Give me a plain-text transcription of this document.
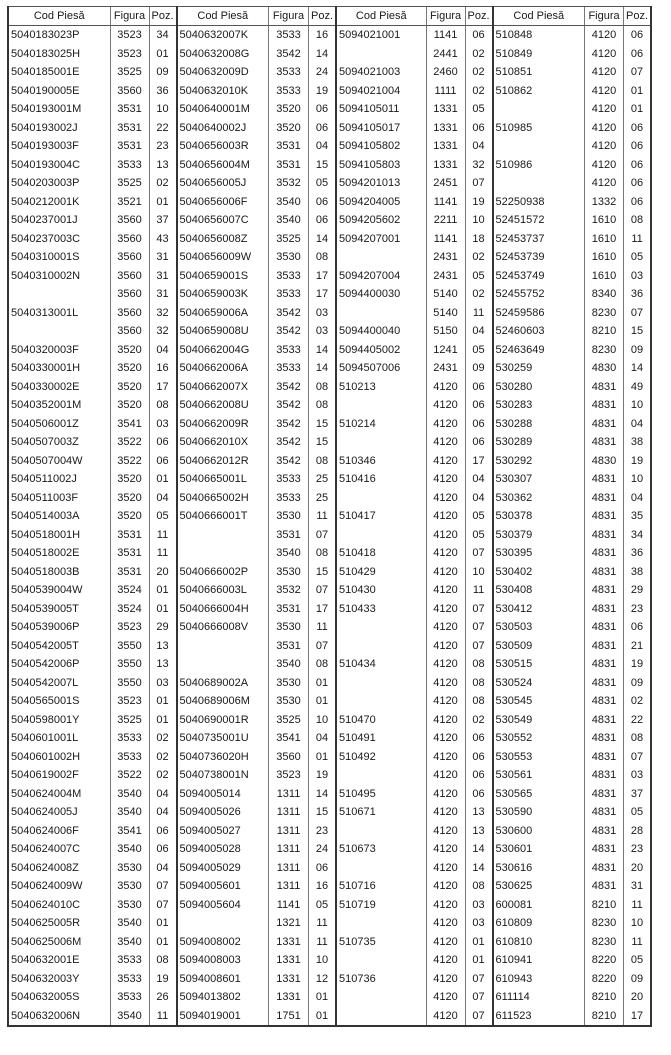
Cod Piesă	Figura	Poz.	Cod Piesă	Figura	Poz.	Cod Piesă	Figura	Poz.	Cod Piesă	Figura	Poz.
5040183023P	3523	34	5040632007K	3533	16	5094021001	1141	06	510848	4120	06
5040183025H	3523	01	5040632008G	3542	14		2441	02	510849	4120	06
5040185001E	3525	09	5040632009D	3533	24	5094021003	2460	02	510851	4120	07
5040190005E	3560	36	5040632010K	3533	19	5094021004	1111	02	510862	4120	01
5040193001M	3531	10	5040640001M	3520	06	5094105011	1331	05		4120	01
5040193002J	3531	22	5040640002J	3520	06	5094105017	1331	06	510985	4120	06
5040193003F	3531	23	5040656003R	3531	04	5094105802	1331	04		4120	06
5040193004C	3533	13	5040656004M	3531	15	5094105803	1331	32	510986	4120	06
5040203003P	3525	02	5040656005J	3532	05	5094201013	2451	07		4120	06
5040212001K	3521	01	5040656006F	3540	06	5094204005	1141	19	52250938	1332	06
5040237001J	3560	37	5040656007C	3540	06	5094205602	2211	10	52451572	1610	08
5040237003C	3560	43	5040656008Z	3525	14	5094207001	1141	18	52453737	1610	11
5040310001S	3560	31	5040656009W	3530	08		2431	02	52453739	1610	05
5040310002N	3560	31	5040659001S	3533	17	5094207004	2431	05	52453749	1610	03
	3560	31	5040659003K	3533	17	5094400030	5140	02	52455752	8340	36
5040313001L	3560	32	5040659006A	3542	03		5140	11	52459586	8230	07
	3560	32	5040659008U	3542	03	5094400040	5150	04	52460603	8210	15
5040320003F	3520	04	5040662004G	3533	14	5094405002	1241	05	52463649	8230	09
5040330001H	3520	16	5040662006A	3533	14	5094507006	2431	09	530259	4830	14
5040330002E	3520	17	5040662007X	3542	08	510213	4120	06	530280	4831	49
5040352001M	3520	08	5040662008U	3542	08		4120	06	530283	4831	10
5040506001Z	3541	03	5040662009R	3542	15	510214	4120	06	530288	4831	04
5040507003Z	3522	06	5040662010X	3542	15		4120	06	530289	4831	38
5040507004W	3522	06	5040662012R	3542	08	510346	4120	17	530292	4830	19
5040511002J	3520	01	5040665001L	3533	25	510416	4120	04	530307	4831	10
5040511003F	3520	04	5040665002H	3533	25		4120	04	530362	4831	04
5040514003A	3520	05	5040666001T	3530	11	510417	4120	05	530378	4831	35
5040518001H	3531	11		3531	07		4120	05	530379	4831	34
5040518002E	3531	11		3540	08	510418	4120	07	530395	4831	36
5040518003B	3531	20	5040666002P	3530	15	510429	4120	10	530402	4831	38
5040539004W	3524	01	5040666003L	3532	07	510430	4120	11	530408	4831	29
5040539005T	3524	01	5040666004H	3531	17	510433	4120	07	530412	4831	23
5040539006P	3523	29	5040666008V	3530	11		4120	07	530503	4831	06
5040542005T	3550	13		3531	07		4120	07	530509	4831	21
5040542006P	3550	13		3540	08	510434	4120	08	530515	4831	19
5040542007L	3550	03	5040689002A	3530	01		4120	08	530524	4831	09
5040565001S	3523	01	5040689006M	3530	01		4120	08	530545	4831	02
5040598001Y	3525	01	5040690001R	3525	10	510470	4120	02	530549	4831	22
5040601001L	3533	02	5040735001U	3541	04	510491	4120	06	530552	4831	08
5040601002H	3533	02	5040736020H	3560	01	510492	4120	06	530553	4831	07
5040619002F	3522	02	5040738001N	3523	19		4120	06	530561	4831	03
5040624004M	3540	04	5094005014	1311	14	510495	4120	06	530565	4831	37
5040624005J	3540	04	5094005026	1311	15	510671	4120	13	530590	4831	05
5040624006F	3541	06	5094005027	1311	23		4120	13	530600	4831	28
5040624007C	3540	06	5094005028	1311	24	510673	4120	14	530601	4831	23
5040624008Z	3530	04	5094005029	1311	06		4120	14	530616	4831	20
5040624009W	3530	07	5094005601	1311	16	510716	4120	08	530625	4831	31
5040624010C	3530	07	5094005604	1141	05	510719	4120	03	600081	8210	11
5040625005R	3540	01		1321	11		4120	03	610809	8230	10
5040625006M	3540	01	5094008002	1331	11	510735	4120	01	610810	8230	11
5040632001E	3533	08	5094008003	1331	10		4120	01	610941	8220	05
5040632003Y	3533	19	5094008601	1331	12	510736	4120	07	610943	8220	09
5040632005S	3533	26	5094013802	1331	01		4120	07	611114	8210	20
5040632006N	3540	11	5094019001	1751	01		4120	07	611523	8210	17
